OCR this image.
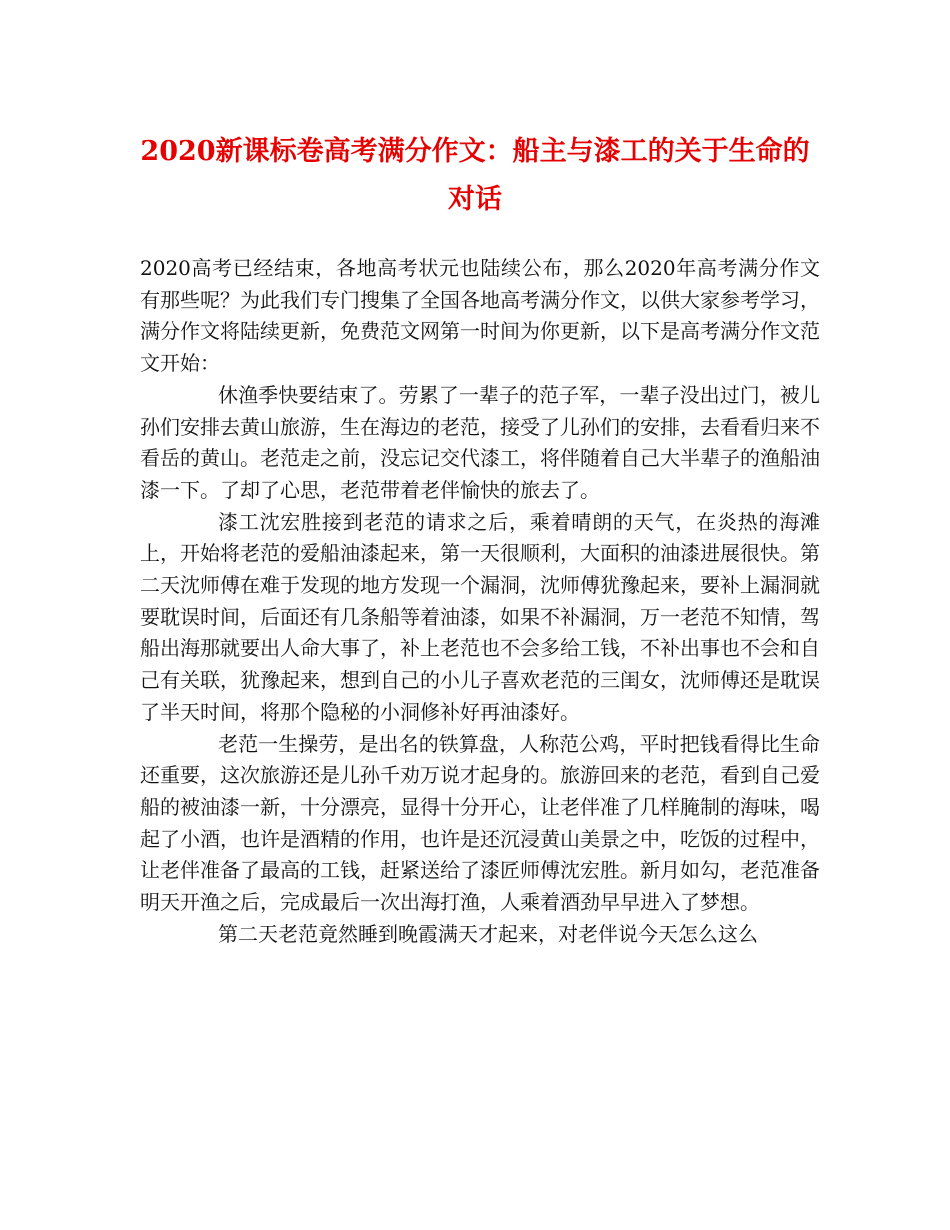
2020新课标卷高考满分作文：船主与漆工的关于生命的对话

2020高考已经结束，各地高考状元也陆续公布，那么2020年高考满分作文有那些呢？为此我们专门搜集了全国各地高考满分作文，以供大家参考学习，满分作文将陆续更新，免费范文网第一时间为你更新，以下是高考满分作文范文开始：

休渔季快要结束了。劳累了一辈子的范子军，一辈子没出过门，被儿孙们安排去黄山旅游，生在海边的老范，接受了儿孙们的安排，去看看归来不看岳的黄山。老范走之前，没忘记交代漆工，将伴随着自己大半辈子的渔船油漆一下。了却了心思，老范带着老伴愉快的旅去了。

漆工沈宏胜接到老范的请求之后，乘着晴朗的天气，在炎热的海滩上，开始将老范的爱船油漆起来，第一天很顺利，大面积的油漆进展很快。第二天沈师傅在难于发现的地方发现一个漏洞，沈师傅犹豫起来，要补上漏洞就要耽误时间，后面还有几条船等着油漆，如果不补漏洞，万一老范不知情，驾船出海那就要出人命大事了，补上老范也不会多给工钱，不补出事也不会和自己有关联，犹豫起来，想到自己的小儿子喜欢老范的三闺女，沈师傅还是耽误了半天时间，将那个隐秘的小洞修补好再油漆好。

老范一生操劳，是出名的铁算盘，人称范公鸡，平时把钱看得比生命还重要，这次旅游还是儿孙千劝万说才起身的。旅游回来的老范，看到自己爱船的被油漆一新，十分漂亮，显得十分开心，让老伴准了几样腌制的海味，喝起了小酒，也许是酒精的作用，也许是还沉浸黄山美景之中，吃饭的过程中，让老伴准备了最高的工钱，赶紧送给了漆匠师傅沈宏胜。新月如勾，老范准备明天开渔之后，完成最后一次出海打渔，人乘着酒劲早早进入了梦想。

第二天老范竟然睡到晚霞满天才起来，对老伴说今天怎么这么
